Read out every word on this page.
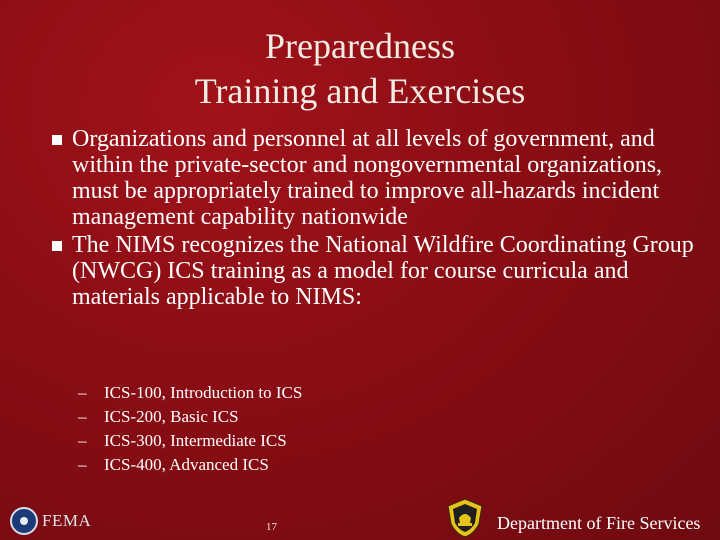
Preparedness
Training and Exercises
Organizations and personnel at all levels of government, and within the private-sector and nongovernmental organizations, must be appropriately trained to improve all-hazards incident management capability nationwide
The NIMS recognizes the National Wildfire Coordinating Group (NWCG) ICS training as a model for course curricula and materials applicable to NIMS:
– ICS-100, Introduction to ICS
– ICS-200, Basic ICS
– ICS-300, Intermediate ICS
– ICS-400, Advanced ICS
FEMA	17	Department of Fire Services
